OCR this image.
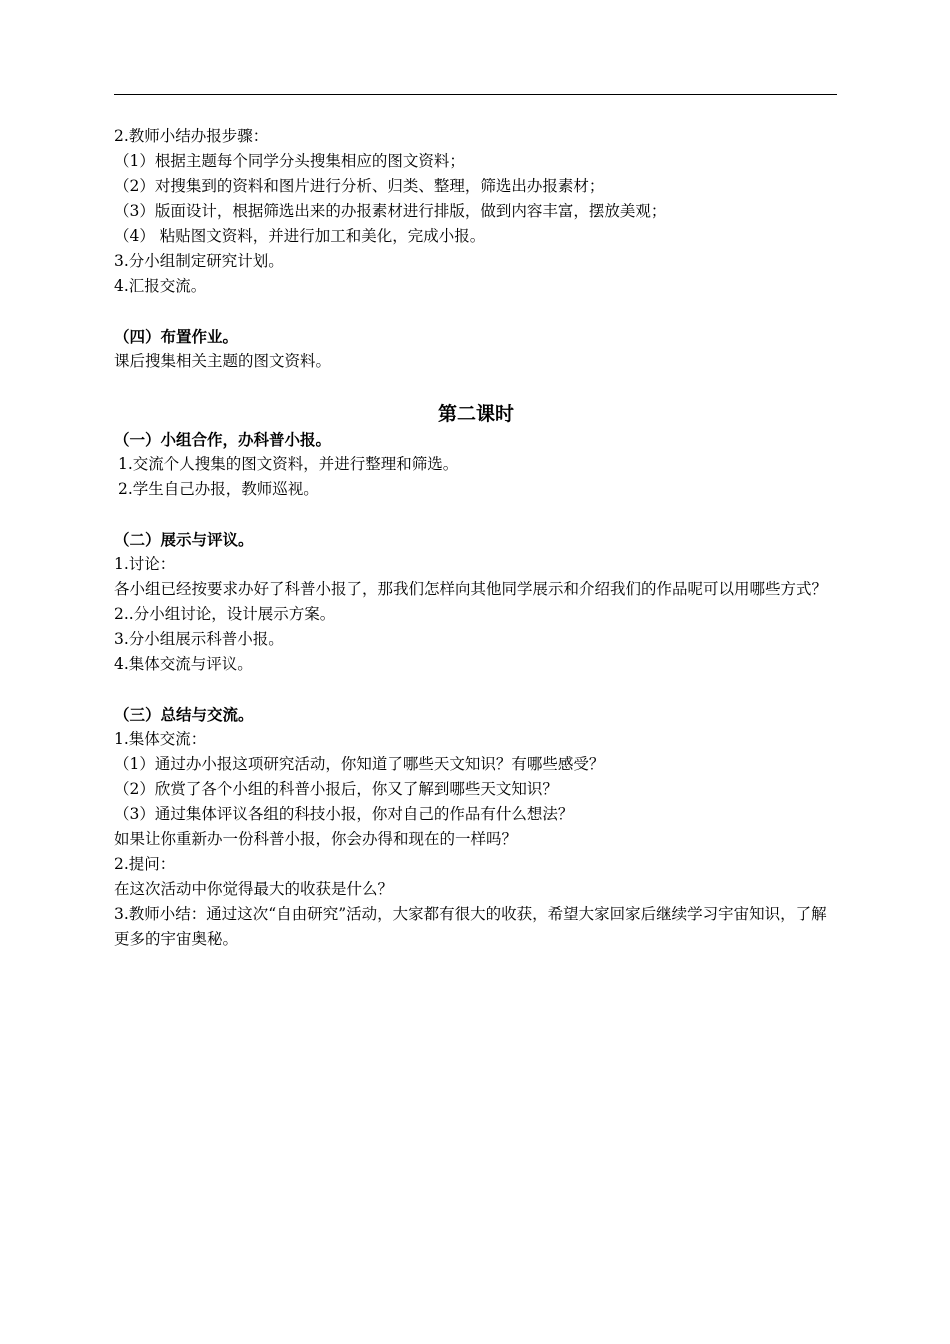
2.教师小结办报步骤：
（1）根据主题每个同学分头搜集相应的图文资料；
（2）对搜集到的资料和图片进行分析、归类、整理，筛选出办报素材；
（3）版面设计，根据筛选出来的办报素材进行排版，做到内容丰富，摆放美观；
（4） 粘贴图文资料，并进行加工和美化，完成小报。
3.分小组制定研究计划。
4.汇报交流。
（四）布置作业。
课后搜集相关主题的图文资料。
第二课时
（一）小组合作，办科普小报。
1.交流个人搜集的图文资料，并进行整理和筛选。
2.学生自己办报，教师巡视。
（二）展示与评议。
1.讨论：
各小组已经按要求办好了科普小报了，那我们怎样向其他同学展示和介绍我们的作品呢可以用哪些方式？
2..分小组讨论，设计展示方案。
3.分小组展示科普小报。
4.集体交流与评议。
（三）总结与交流。
1.集体交流：
（1）通过办小报这项研究活动，你知道了哪些天文知识？有哪些感受？
（2）欣赏了各个小组的科普小报后，你又了解到哪些天文知识？
（3）通过集体评议各组的科技小报，你对自己的作品有什么想法？
如果让你重新办一份科普小报，你会办得和现在的一样吗？
2.提问：
在这次活动中你觉得最大的收获是什么？
3.教师小结：通过这次“自由研究”活动，大家都有很大的收获，希望大家回家后继续学习宇宙知识，了解更多的宇宙奥秘。
